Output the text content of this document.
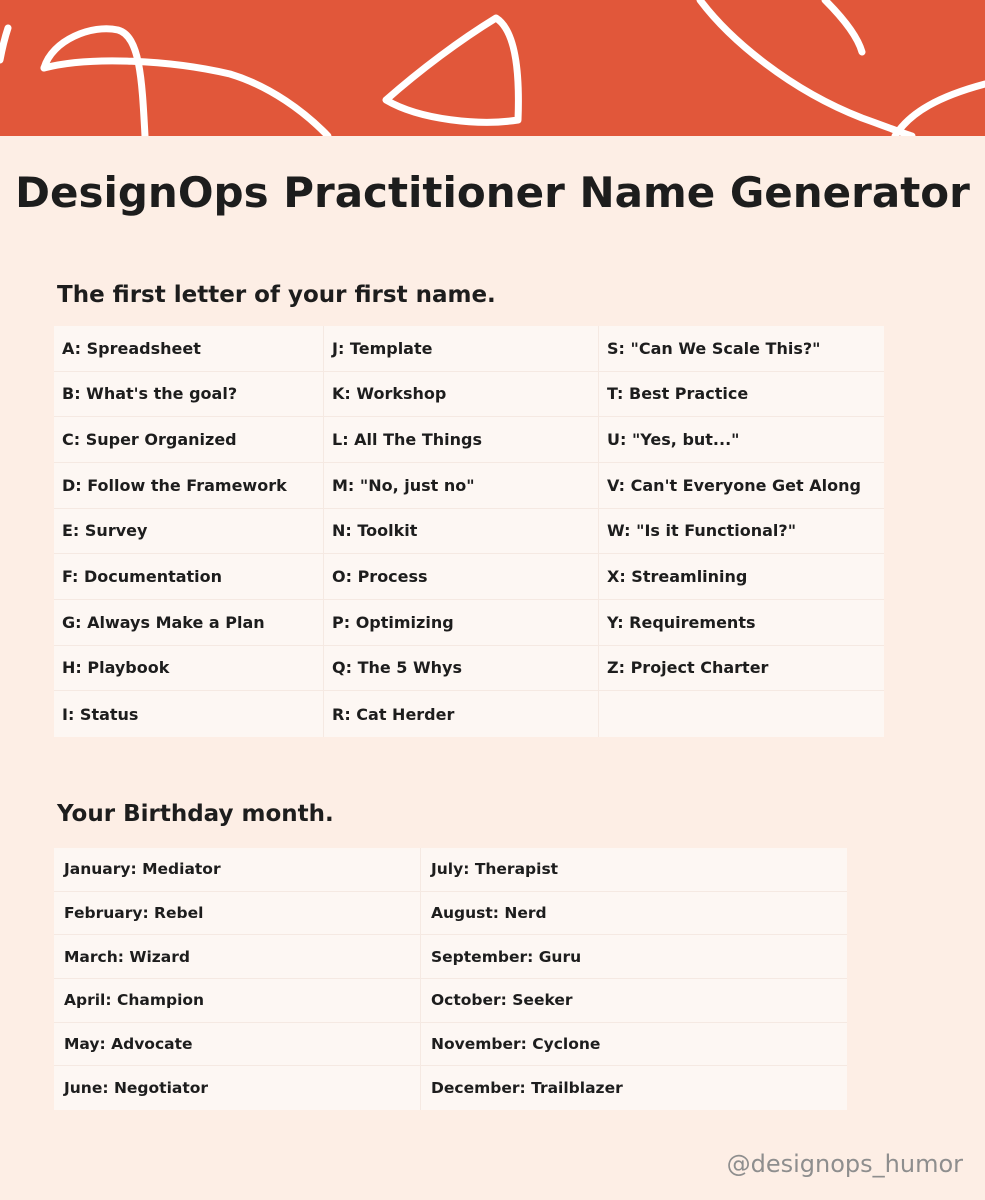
DesignOps Practitioner Name Generator
The first letter of your first name.
A: Spreadsheet
B: What's the goal?
C: Super Organized
D: Follow the Framework
E: Survey
F: Documentation
G: Always Make a Plan
H: Playbook
I: Status
J: Template
K: Workshop
L: All The Things
M: "No, just no"
N: Toolkit
O: Process
P: Optimizing
Q: The 5 Whys
R: Cat Herder
S: "Can We Scale This?"
T: Best Practice
U: "Yes, but..."
V: Can't Everyone Get Along
W: "Is it Functional?"
X: Streamlining
Y: Requirements
Z: Project Charter
Your Birthday month.
January: Mediator
February: Rebel
March: Wizard
April: Champion
May: Advocate
June: Negotiator
July: Therapist
August: Nerd
September: Guru
October: Seeker
November: Cyclone
December: Trailblazer
@designops_humor
